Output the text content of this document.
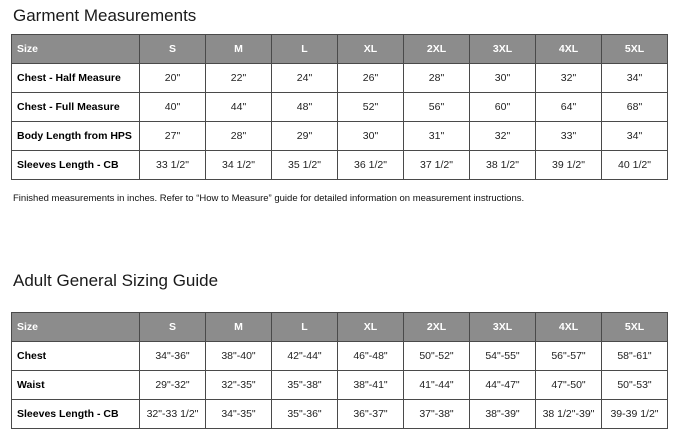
Garment Measurements
Size	S	M	L	XL	2XL	3XL	4XL	5XL
Chest - Half Measure	20"	22"	24"	26"	28"	30"	32"	34"
Chest - Full Measure	40"	44"	48"	52"	56"	60"	64"	68"
Body Length from HPS	27"	28"	29"	30"	31"	32"	33"	34"
Sleeves Length - CB	33 1/2"	34 1/2"	35 1/2"	36 1/2"	37 1/2"	38 1/2"	39 1/2"	40 1/2"

Finished measurements in inches. Refer to “How to Measure” guide for detailed information on measurement instructions.

Adult General Sizing Guide
Size	S	M	L	XL	2XL	3XL	4XL	5XL
Chest	34"-36"	38"-40"	42"-44"	46"-48"	50"-52"	54"-55"	56"-57"	58"-61"
Waist	29"-32"	32"-35"	35"-38"	38"-41"	41"-44"	44"-47"	47"-50"	50"-53"
Sleeves Length - CB	32"-33 1/2"	34"-35"	35"-36"	36"-37"	37"-38"	38"-39"	38 1/2"-39"	39-39 1/2"
